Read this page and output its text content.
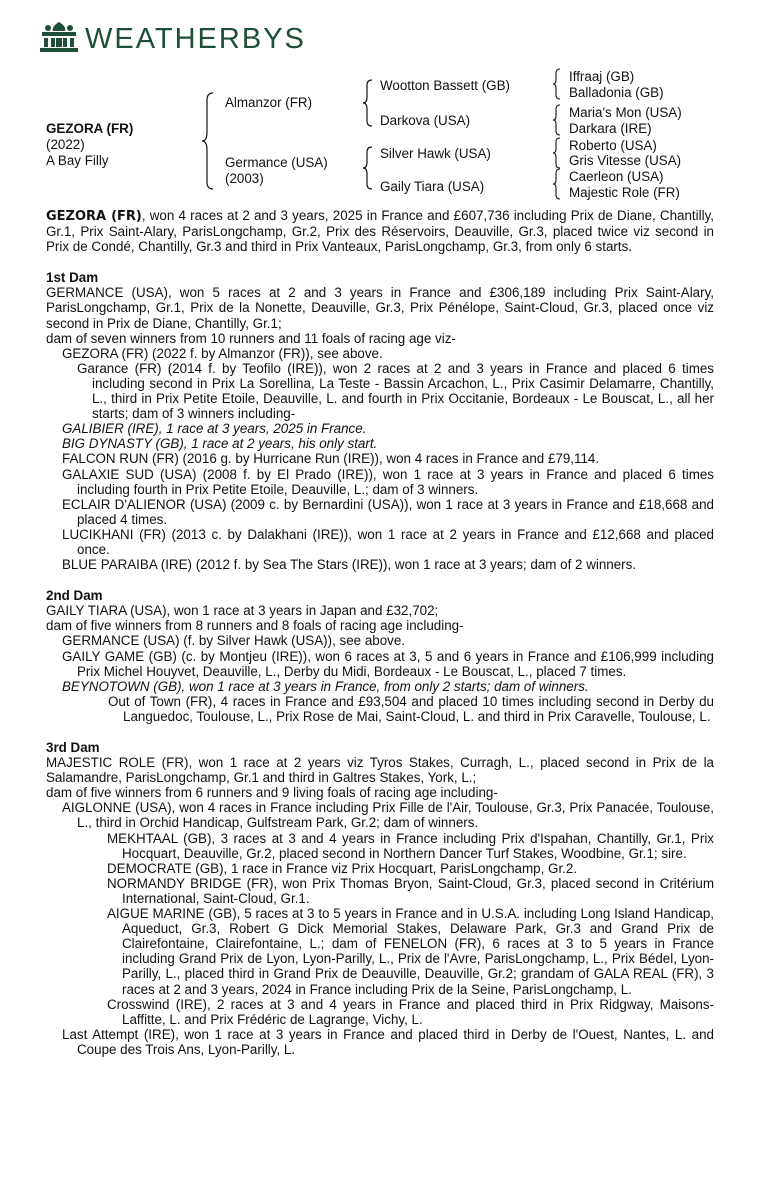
WEATHERBYS
GEZORA (FR)
(2022)
A Bay Filly
Almanzor (FR)
Germance (USA)
(2003)
Wootton Bassett (GB)
Darkova (USA)
Silver Hawk (USA)
Gaily Tiara (USA)
Iffraaj (GB)
Balladonia (GB)
Maria's Mon (USA)
Darkara (IRE)
Roberto (USA)
Gris Vitesse (USA)
Caerleon (USA)
Majestic Role (FR)

GEZORA (FR), won 4 races at 2 and 3 years, 2025 in France and £607,736 including Prix de Diane, Chantilly, Gr.1, Prix Saint-Alary, ParisLongchamp, Gr.2, Prix des Réservoirs, Deauville, Gr.3, placed twice viz second in Prix de Condé, Chantilly, Gr.3 and third in Prix Vanteaux, ParisLongchamp, Gr.3, from only 6 starts.

1st Dam

GERMANCE (USA), won 5 races at 2 and 3 years in France and £306,189 including Prix Saint-Alary, ParisLongchamp, Gr.1, Prix de la Nonette, Deauville, Gr.3, Prix Pénélope, Saint-Cloud, Gr.3, placed once viz second in Prix de Diane, Chantilly, Gr.1;

dam of seven winners from 10 runners and 11 foals of racing age viz-

GEZORA (FR) (2022 f. by Almanzor (FR)), see above.

Garance (FR) (2014 f. by Teofilo (IRE)), won 2 races at 2 and 3 years in France and placed 6 times including second in Prix La Sorellina, La Teste - Bassin Arcachon, L., Prix Casimir Delamarre, Chantilly, L., third in Prix Petite Etoile, Deauville, L. and fourth in Prix Occitanie, Bordeaux - Le Bouscat, L., all her starts; dam of 3 winners including-

GALIBIER (IRE), 1 race at 3 years, 2025 in France.

BIG DYNASTY (GB), 1 race at 2 years, his only start.

FALCON RUN (FR) (2016 g. by Hurricane Run (IRE)), won 4 races in France and £79,114.

GALAXIE SUD (USA) (2008 f. by El Prado (IRE)), won 1 race at 3 years in France and placed 6 times including fourth in Prix Petite Etoile, Deauville, L.; dam of 3 winners.

ECLAIR D'ALIENOR (USA) (2009 c. by Bernardini (USA)), won 1 race at 3 years in France and £18,668 and placed 4 times.

LUCIKHANI (FR) (2013 c. by Dalakhani (IRE)), won 1 race at 2 years in France and £12,668 and placed once.

BLUE PARAIBA (IRE) (2012 f. by Sea The Stars (IRE)), won 1 race at 3 years; dam of 2 winners.

2nd Dam

GAILY TIARA (USA), won 1 race at 3 years in Japan and £32,702;

dam of five winners from 8 runners and 8 foals of racing age including-

GERMANCE (USA) (f. by Silver Hawk (USA)), see above.

GAILY GAME (GB) (c. by Montjeu (IRE)), won 6 races at 3, 5 and 6 years in France and £106,999 including Prix Michel Houyvet, Deauville, L., Derby du Midi, Bordeaux - Le Bouscat, L., placed 7 times.

BEYNOTOWN (GB), won 1 race at 3 years in France, from only 2 starts; dam of winners.

Out of Town (FR), 4 races in France and £93,504 and placed 10 times including second in Derby du Languedoc, Toulouse, L., Prix Rose de Mai, Saint-Cloud, L. and third in Prix Caravelle, Toulouse, L.

3rd Dam

MAJESTIC ROLE (FR), won 1 race at 2 years viz Tyros Stakes, Curragh, L., placed second in Prix de la Salamandre, ParisLongchamp, Gr.1 and third in Galtres Stakes, York, L.;

dam of five winners from 6 runners and 9 living foals of racing age including-

AIGLONNE (USA), won 4 races in France including Prix Fille de l'Air, Toulouse, Gr.3, Prix Panacée, Toulouse, L., third in Orchid Handicap, Gulfstream Park, Gr.2; dam of winners.

MEKHTAAL (GB), 3 races at 3 and 4 years in France including Prix d'Ispahan, Chantilly, Gr.1, Prix Hocquart, Deauville, Gr.2, placed second in Northern Dancer Turf Stakes, Woodbine, Gr.1; sire.

DEMOCRATE (GB), 1 race in France viz Prix Hocquart, ParisLongchamp, Gr.2.

NORMANDY BRIDGE (FR), won Prix Thomas Bryon, Saint-Cloud, Gr.3, placed second in Critérium International, Saint-Cloud, Gr.1.

AIGUE MARINE (GB), 5 races at 3 to 5 years in France and in U.S.A. including Long Island Handicap, Aqueduct, Gr.3, Robert G Dick Memorial Stakes, Delaware Park, Gr.3 and Grand Prix de Clairefontaine, Clairefontaine, L.; dam of FENELON (FR), 6 races at 3 to 5 years in France including Grand Prix de Lyon, Lyon-Parilly, L., Prix de l'Avre, ParisLongchamp, L., Prix Bédel, Lyon-Parilly, L., placed third in Grand Prix de Deauville, Deauville, Gr.2; grandam of GALA REAL (FR), 3 races at 2 and 3 years, 2024 in France including Prix de la Seine, ParisLongchamp, L.

Crosswind (IRE), 2 races at 3 and 4 years in France and placed third in Prix Ridgway, Maisons-Laffitte, L. and Prix Frédéric de Lagrange, Vichy, L.

Last Attempt (IRE), won 1 race at 3 years in France and placed third in Derby de l'Ouest, Nantes, L. and Coupe des Trois Ans, Lyon-Parilly, L.
